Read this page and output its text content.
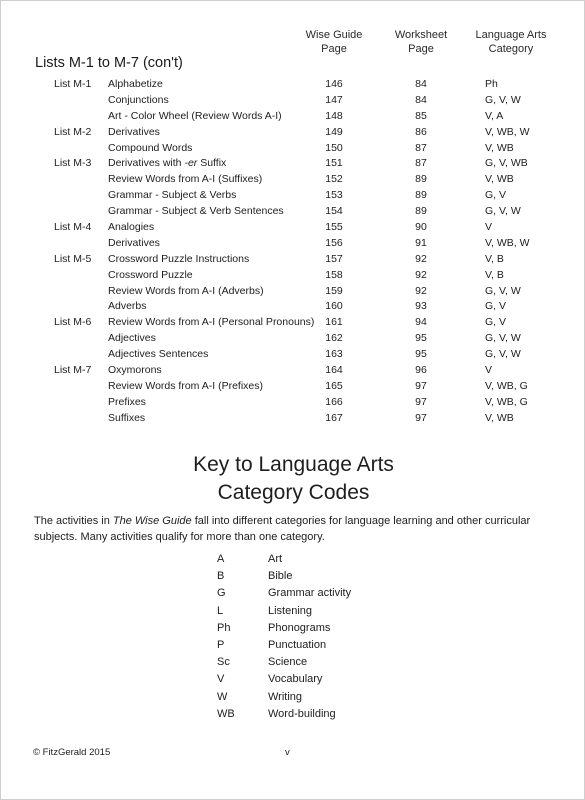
Wise Guide
Page
Worksheet
Page
Language Arts
Category
Lists M-1 to M-7 (con't)
List M-1 Alphabetize	146	84	Ph
Conjunctions	147	84	G, V, W
Art - Color Wheel (Review Words A-I)	148	85	V, A
List M-2 Derivatives	149	86	V, WB, W
Compound Words	150	87	V, WB
List M-3 Derivatives with -er Suffix	151	87	G, V, WB
Review Words from A-I (Suffixes)	152	89	V, WB
Grammar - Subject & Verbs	153	89	G, V
Grammar - Subject & Verb Sentences	154	89	G, V, W
List M-4 Analogies	155	90	V
Derivatives	156	91	V, WB, W
List M-5 Crossword Puzzle Instructions	157	92	V, B
Crossword Puzzle	158	92	V, B
Review Words from A-I (Adverbs)	159	92	G, V, W
Adverbs	160	93	G, V
List M-6 Review Words from A-I (Personal Pronouns)	161	94	G, V
Adjectives	162	95	G, V, W
Adjectives Sentences	163	95	G, V, W
List M-7 Oxymorons	164	96	V
Review Words from A-I (Prefixes)	165	97	V, WB, G
Prefixes	166	97	V, WB, G
Suffixes	167	97	V, WB
Key to Language Arts
Category Codes
The activities in The Wise Guide fall into different categories for language learning and other curricular subjects. Many activities qualify for more than one category.
A	Art
B	Bible
G	Grammar activity
L	Listening
Ph	Phonograms
P	Punctuation
Sc	Science
V	Vocabulary
W	Writing
WB	Word-building
© FitzGerald 2015	v
